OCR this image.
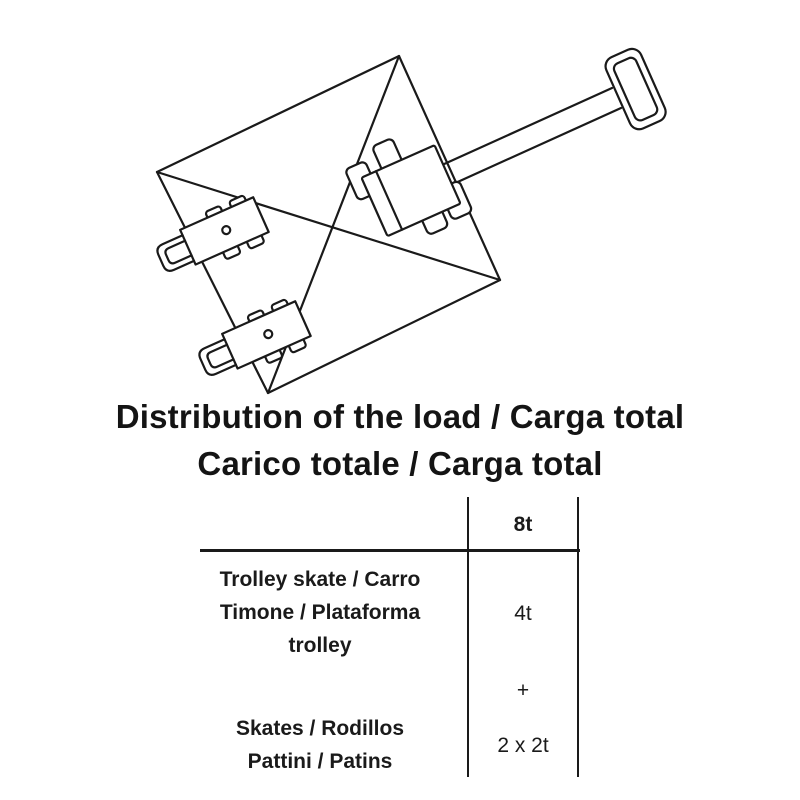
Distribution of the load / Carga total
Carico totale / Carga total
8t
Trolley skate / Carro
Timone / Plataforma
trolley
4t
+
Skates / Rodillos
Pattini / Patins
2 x 2t
